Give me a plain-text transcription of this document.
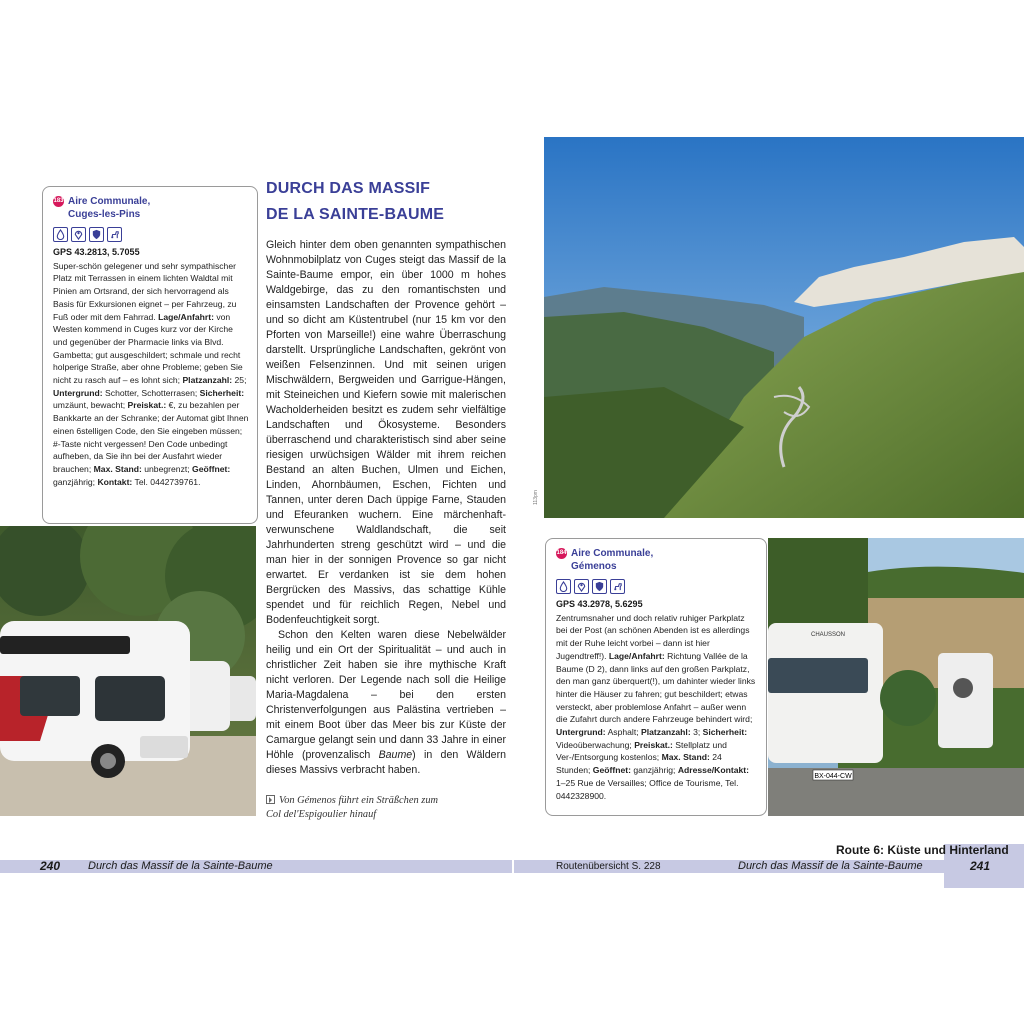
183 Aire Communale,
Cuges-les-Pins
GPS 43.2813, 5.7055
Super-schön gelegener und sehr sympathischer Platz mit Terrassen in einem lichten Waldtal mit Pinien am Ortsrand, der sich hervorragend als Basis für Exkursionen eignet – per Fahrzeug, zu Fuß oder mit dem Fahrrad. Lage/Anfahrt: von Westen kommend in Cuges kurz vor der Kirche und gegenüber der Pharmacie links via Blvd. Gambetta; gut ausgeschildert; schmale und recht holperige Straße, aber ohne Probleme; geben Sie nicht zu rasch auf – es lohnt sich; Platzanzahl: 25; Untergrund: Schotter, Schotterrasen; Sicherheit: umzäunt, bewacht; Preiskat.: €, zu bezahlen per Bankkarte an der Schranke; der Automat gibt Ihnen einen 6stelligen Code, den Sie eingeben müssen; #-Taste nicht vergessen! Den Code unbedingt aufheben, da Sie ihn bei der Ausfahrt wieder brauchen; Max. Stand: unbegrenzt; Geöffnet: ganzjährig; Kontakt: Tel. 0442739761.
DURCH DAS MASSIF
DE LA SAINTE-BAUME

Gleich hinter dem oben genannten sympathischen Wohnmobilplatz von Cuges steigt das Massif de la Sainte-Baume empor, ein über 1000 m hohes Waldgebirge, das zu den romantischsten und einsamsten Landschaften der Provence gehört – und so dicht am Küstentrubel (nur 15 km vor den Pforten von Marseille!) eine wahre Überraschung darstellt. Ursprüngliche Landschaften, gekrönt von weißen Felsenzinnen. Und mit seinen urigen Mischwäldern, Bergweiden und Garrigue-Hängen, mit Steineichen und Kiefern sowie mit malerischen Wacholderheiden besitzt es zudem sehr vielfältige Landschaften und Ökosysteme. Besonders überraschend und charakteristisch sind aber seine riesigen urwüchsigen Wälder mit ihrem reichen Bestand an alten Buchen, Ulmen und Eichen, Linden, Ahornbäumen, Eschen, Fichten und Tannen, unter deren Dach üppige Farne, Stauden und Efeuranken wuchern. Eine märchenhaft-verwunschene Waldlandschaft, die seit Jahrhunderten streng geschützt wird – und die man hier in der sonnigen Provence so gar nicht erwartet. Er verdanken ist sie dem hohen Bergrücken des Massivs, das schattige Kühle spendet und für reichlich Regen, Nebel und Bodenfeuchtigkeit sorgt.

Schon den Kelten waren diese Nebelwälder heilig und ein Ort der Spiritualität – und auch in christlicher Zeit haben sie ihre mythische Kraft nicht verloren. Der Legende nach soll die Heilige Maria-Magdalena – bei den ersten Christenverfolgungen aus Palästina vertrieben – mit einem Boot über das Meer bis zur Küste der Camargue gelangt sein und dann 33 Jahre in einer Höhle (provenzalisch Baume) in den Wäldern dieses Massivs verbracht haben.

Von Gémenos führt ein Sträßchen zum
Col del'Espigoulier hinauf
113pm
BX-044-CW
CHAUSSON
184 Aire Communale,
Gémenos
GPS 43.2978, 5.6295
Zentrumsnaher und doch relativ ruhiger Parkplatz bei der Post (an schönen Abenden ist es allerdings mit der Ruhe leicht vorbei – dann ist hier Jugendtreff!). Lage/Anfahrt: Richtung Vallée de la Baume (D 2), dann links auf den großen Parkplatz, den man ganz überquert(!), um dahinter wieder links hinter die Häuser zu fahren; gut beschildert; etwas versteckt, aber problemlose Anfahrt – außer wenn die Zufahrt durch andere Fahrzeuge behindert wird; Untergrund: Asphalt; Platzanzahl: 3; Sicherheit: Videoüberwachung; Preiskat.: Stellplatz und Ver-/Entsorgung kostenlos; Max. Stand: 24 Stunden; Geöffnet: ganzjährig; Adresse/Kontakt: 1–25 Rue de Versailles; Office de Tourisme, Tel. 0442328900.
240	Durch das Massif de la Sainte-Baume	Routenübersicht S. 228	Durch das Massif de la Sainte-Baume	241
Route 6: Küste und Hinterland
